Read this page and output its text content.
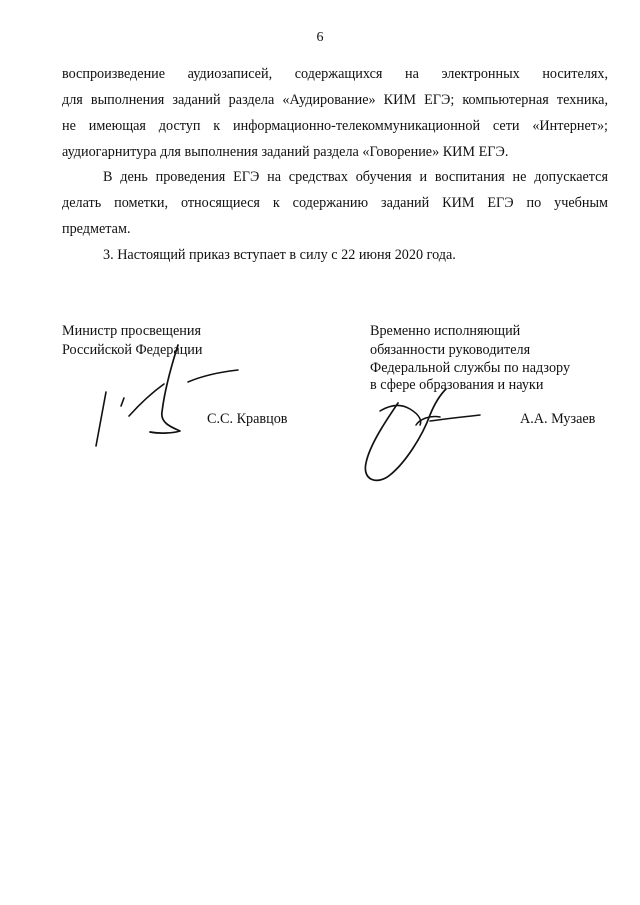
6
воспроизведение аудиозаписей, содержащихся на электронных носителях,
для выполнения заданий раздела «Аудирование» КИМ ЕГЭ; компьютерная техника,
не имеющая доступ к информационно-телекоммуникационной сети «Интернет»;
аудиогарнитура для выполнения заданий раздела «Говорение» КИМ ЕГЭ.
В день проведения ЕГЭ на средствах обучения и воспитания не допускается
делать пометки, относящиеся к содержанию заданий КИМ ЕГЭ по учебным
предметам.
3. Настоящий приказ вступает в силу с 22 июня 2020 года.
Министр просвещения
Российской Федерации
С.С. Кравцов
Временно исполняющий
обязанности руководителя
Федеральной службы по надзору
в сфере образования и науки
А.А. Музаев
